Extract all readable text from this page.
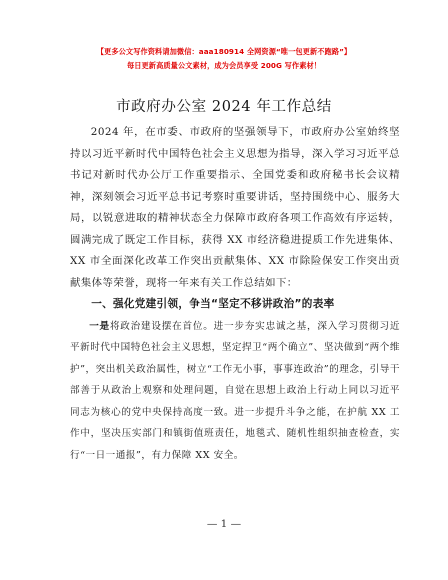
【更多公文写作资料请加微信：aaa180914 全网资源“唯一包更新不跑路”】
每日更新高质量公文素材，成为会员享受 200G 写作素材！
市政府办公室 2024 年工作总结

2024 年，在市委、市政府的坚强领导下，市政府办公室始终坚持以习近平新时代中国特色社会主义思想为指导，深入学习习近平总书记对新时代办公厅工作重要指示、全国党委和政府秘书长会议精神，深刻领会习近平总书记考察时重要讲话，坚持围绕中心、服务大局，以锐意进取的精神状态全力保障市政府各项工作高效有序运转，圆满完成了既定工作目标，获得 XX 市经济稳进提质工作先进集体、XX 市全面深化改革工作突出贡献集体、XX 市除险保安工作突出贡献集体等荣誉，现将一年来有关工作总结如下：

一、强化党建引领，争当“坚定不移讲政治”的表率

一是将政治建设摆在首位。进一步夯实忠诚之基，深入学习贯彻习近平新时代中国特色社会主义思想，坚定捍卫“两个确立”、坚决做到“两个维护”，突出机关政治属性，树立“工作无小事，事事连政治”的理念，引导干部善于从政治上观察和处理问题，自觉在思想上政治上行动上同以习近平同志为核心的党中央保持高度一致。进一步提升斗争之能，在护航 XX 工作中，坚决压实部门和镇街值班责任，地毯式、随机性组织抽查检查，实行“一日一通报”，有力保障 XX 安全。

— 1 —
